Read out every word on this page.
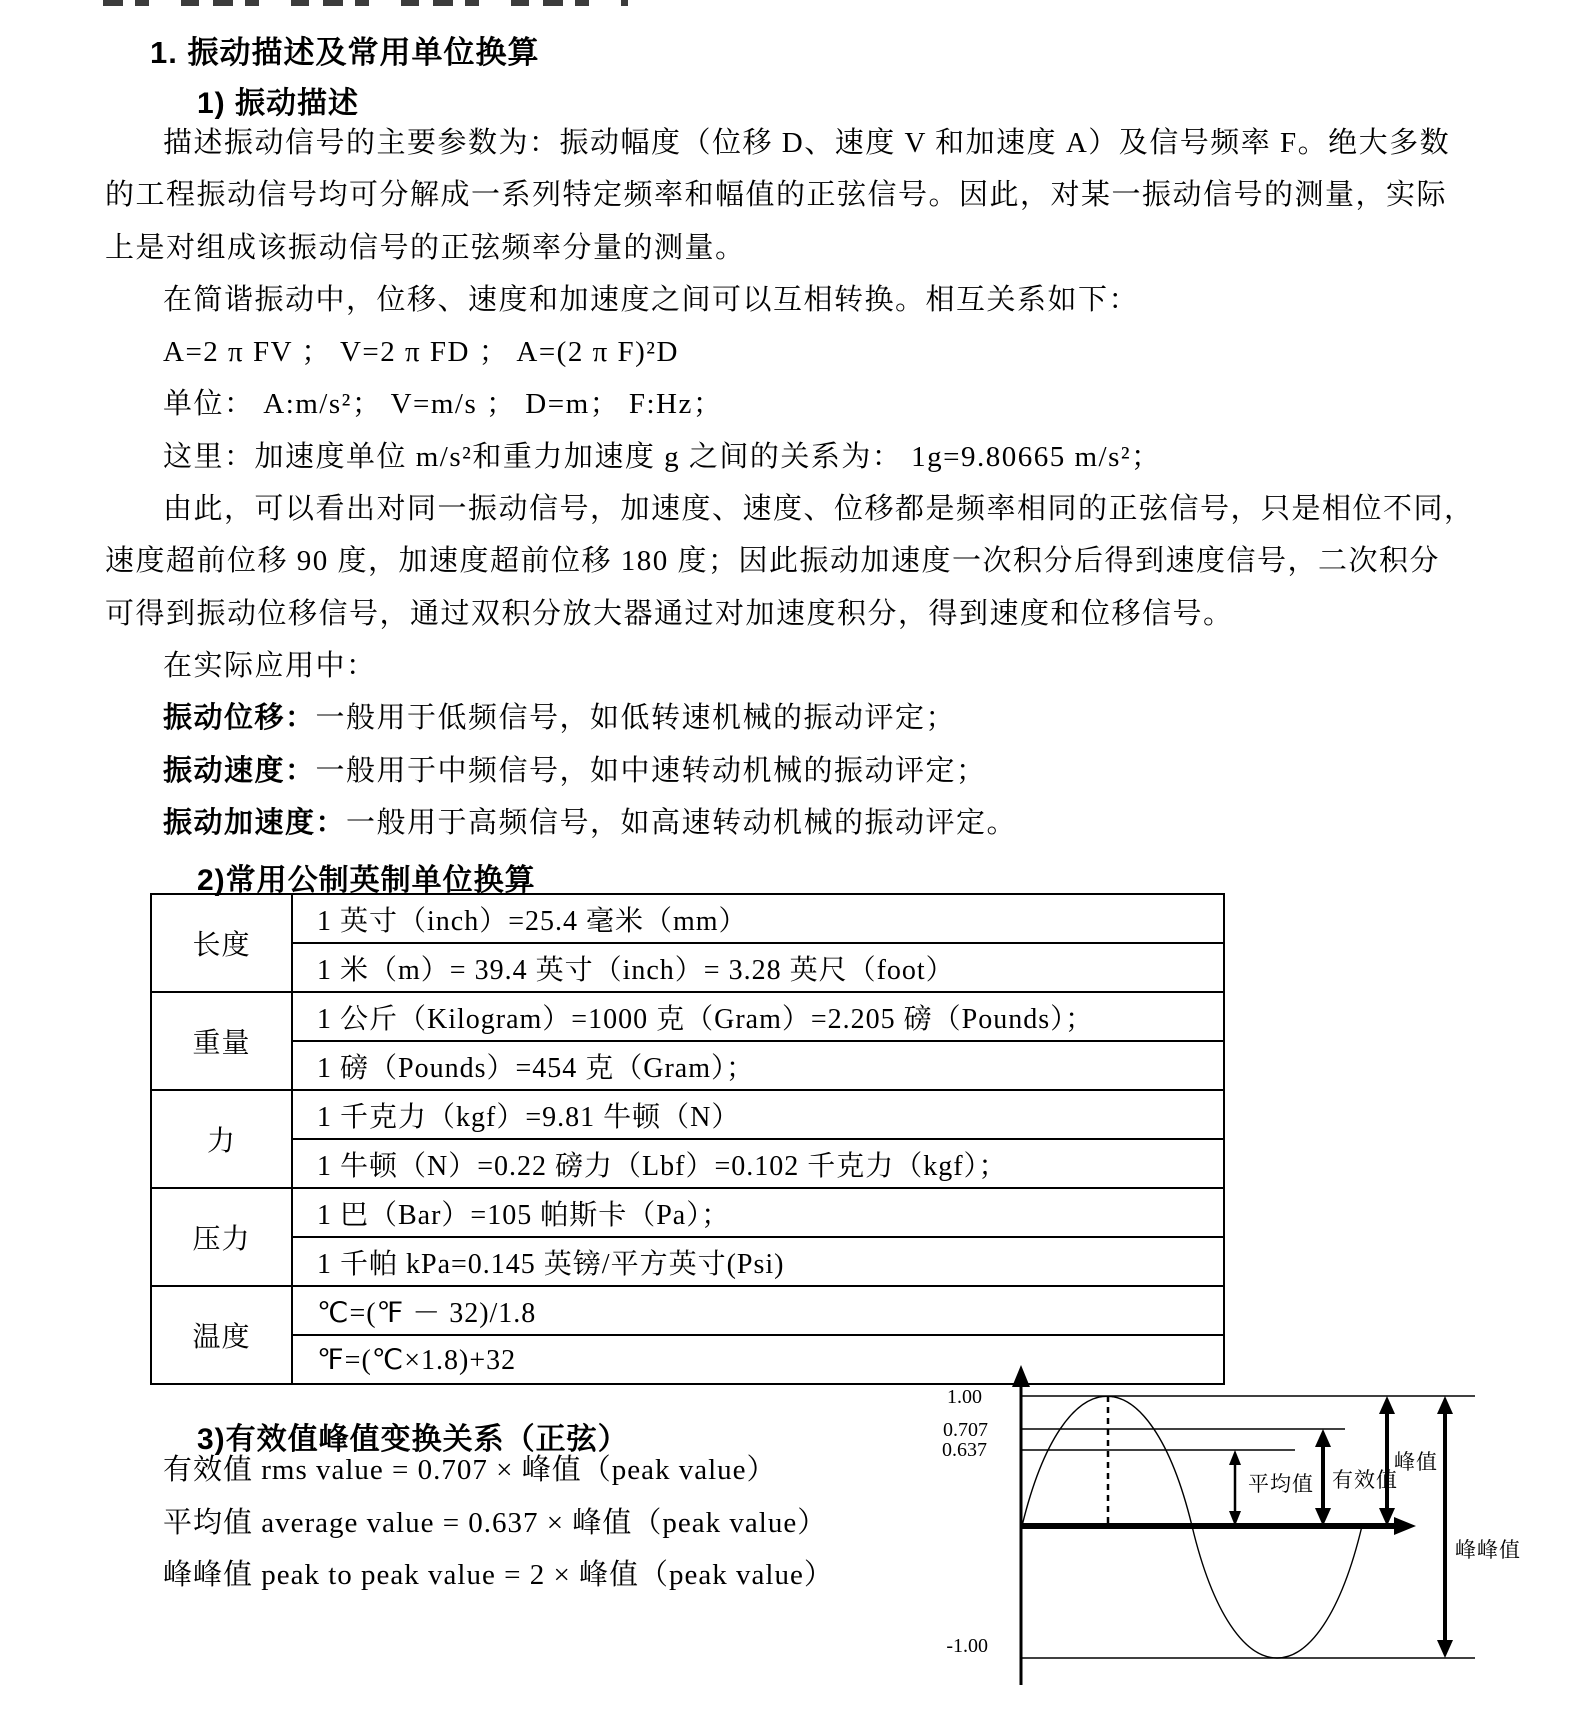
1. 振动描述及常用单位换算
1) 振动描述
描述振动信号的主要参数为：振动幅度（位移 D、速度 V 和加速度 A）及信号频率 F。绝大多数
的工程振动信号均可分解成一系列特定频率和幅值的正弦信号。因此，对某一振动信号的测量，实际
上是对组成该振动信号的正弦频率分量的测量。
在简谐振动中，位移、速度和加速度之间可以互相转换。相互关系如下：
A=2 π FV ； V=2 π FD ； A=(2 π F)²D
单位： A:m/s²； V=m/s ； D=m； F:Hz；
这里：加速度单位 m/s²和重力加速度 g 之间的关系为： 1g=9.80665 m/s²；
由此，可以看出对同一振动信号，加速度、速度、位移都是频率相同的正弦信号，只是相位不同，
速度超前位移 90 度，加速度超前位移 180 度；因此振动加速度一次积分后得到速度信号，二次积分
可得到振动位移信号，通过双积分放大器通过对加速度积分，得到速度和位移信号。
在实际应用中：
振动位移：一般用于低频信号，如低转速机械的振动评定；
振动速度：一般用于中频信号，如中速转动机械的振动评定；
振动加速度：一般用于高频信号，如高速转动机械的振动评定。
2)常用公制英制单位换算
长度	1 英寸（inch）=25.4 毫米（mm）
	1 米（m）= 39.4 英寸（inch）= 3.28 英尺（foot）
重量	1 公斤（Kilogram）=1000 克（Gram）=2.205 磅（Pounds）；
	1 磅（Pounds）=454 克（Gram）；
力	1 千克力（kgf）=9.81 牛顿（N）
	1 牛顿（N）=0.22 磅力（Lbf）=0.102 千克力（kgf）；
压力	1 巴（Bar）=105 帕斯卡（Pa）；
	1 千帕 kPa=0.145 英镑/平方英寸(Psi)
温度	℃=(℉ － 32)/1.8
	℉=(℃×1.8)+32
3)有效值峰值变换关系（正弦）
有效值 rms value = 0.707 × 峰值（peak value）
平均值 average value = 0.637 × 峰值（peak value）
峰峰值 peak to peak value = 2 × 峰值（peak value）
1.00
0.707
0.637
-1.00
平均值 有效值
峰值
峰峰值
